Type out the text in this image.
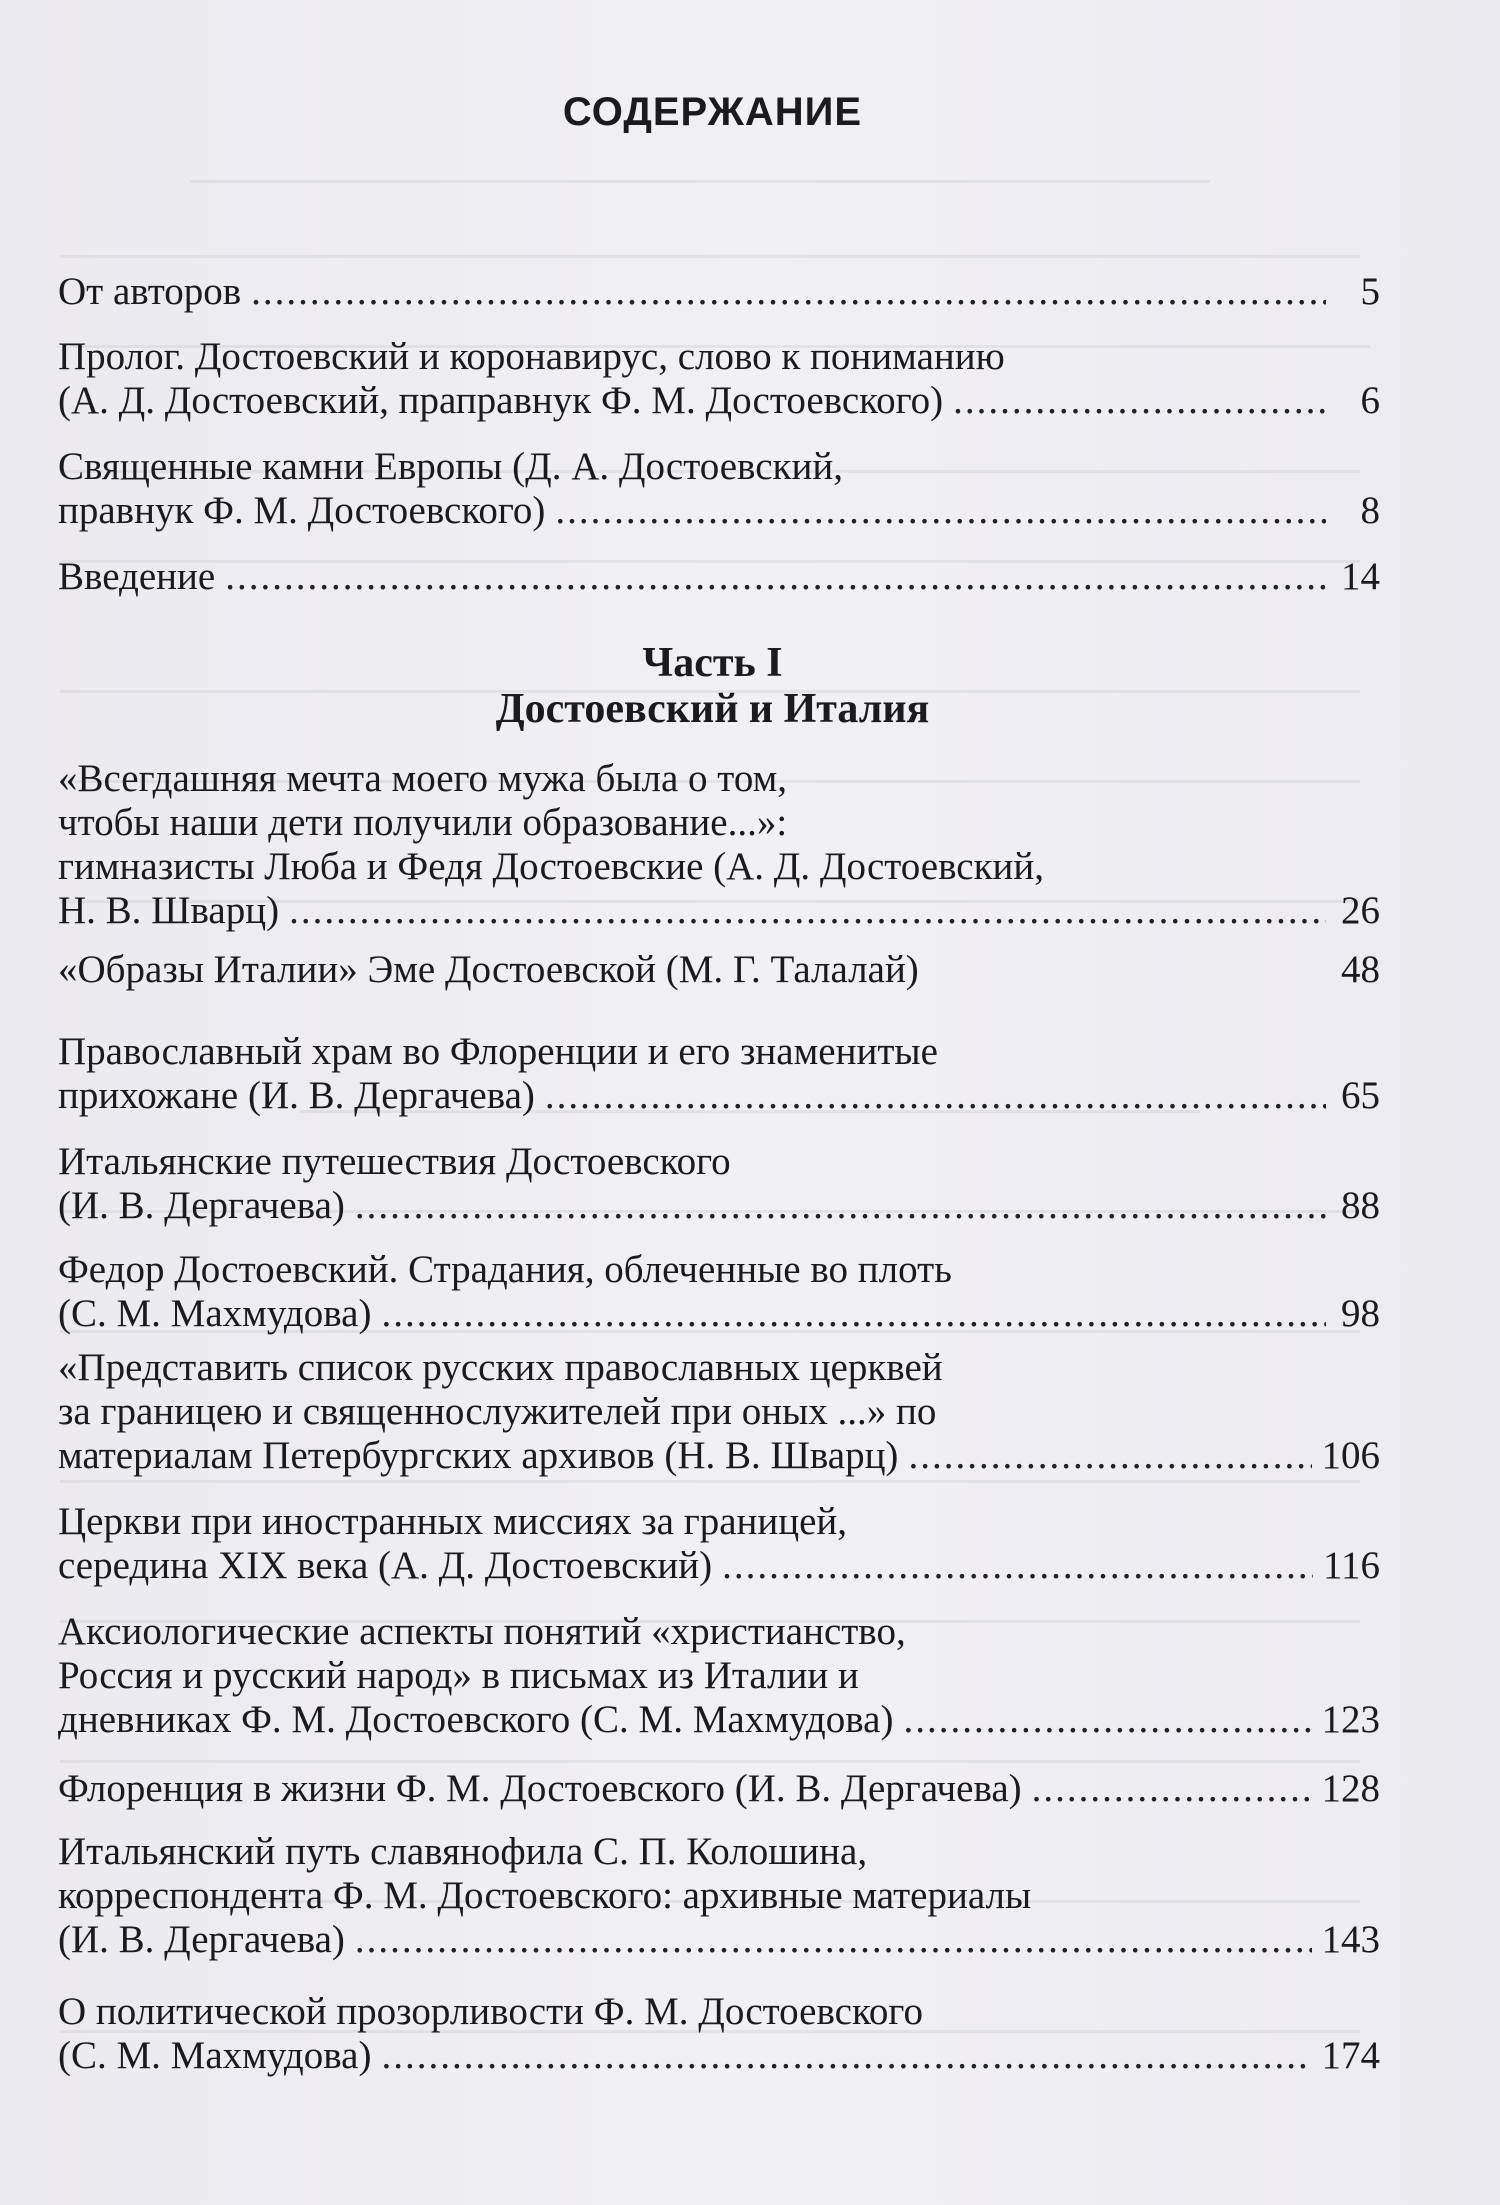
СОДЕРЖАНИЕ
От авторов .....	5
Пролог. Достоевский и коронавирус, слово к пониманию
(А. Д. Достоевский, праправнук Ф. М. Достоевского) .....	6
Священные камни Европы (Д. А. Достоевский,
правнук Ф. М. Достоевского) .....	8
Введение .....	14
Часть I
Достоевский и Италия
«Всегдашняя мечта моего мужа была о том,
чтобы наши дети получили образование...»:
гимназисты Люба и Федя Достоевские (А. Д. Достоевский,
Н. В. Шварц) .....	26
«Образы Италии» Эме Достоевской (М. Г. Талалай)	48
Православный храм во Флоренции и его знаменитые
прихожане (И. В. Дергачева) .....	65
Итальянские путешествия Достоевского
(И. В. Дергачева) .....	88
Федор Достоевский. Страдания, облеченные во плоть
(С. М. Махмудова) .....	98
«Представить список русских православных церквей
за границею и священнослужителей при оных ...» по
материалам Петербургских архивов (Н. В. Шварц) .....	106
Церкви при иностранных миссиях за границей,
середина XIX века (А. Д. Достоевский) .....	116
Аксиологические аспекты понятий «христианство,
Россия и русский народ» в письмах из Италии и
дневниках Ф. М. Достоевского (С. М. Махмудова) .....	123
Флоренция в жизни Ф. М. Достоевского (И. В. Дергачева) .....	128
Итальянский путь славянофила С. П. Колошина,
корреспондента Ф. М. Достоевского: архивные материалы
(И. В. Дергачева) .....	143
О политической прозорливости Ф. М. Достоевского
(С. М. Махмудова) .....	174
